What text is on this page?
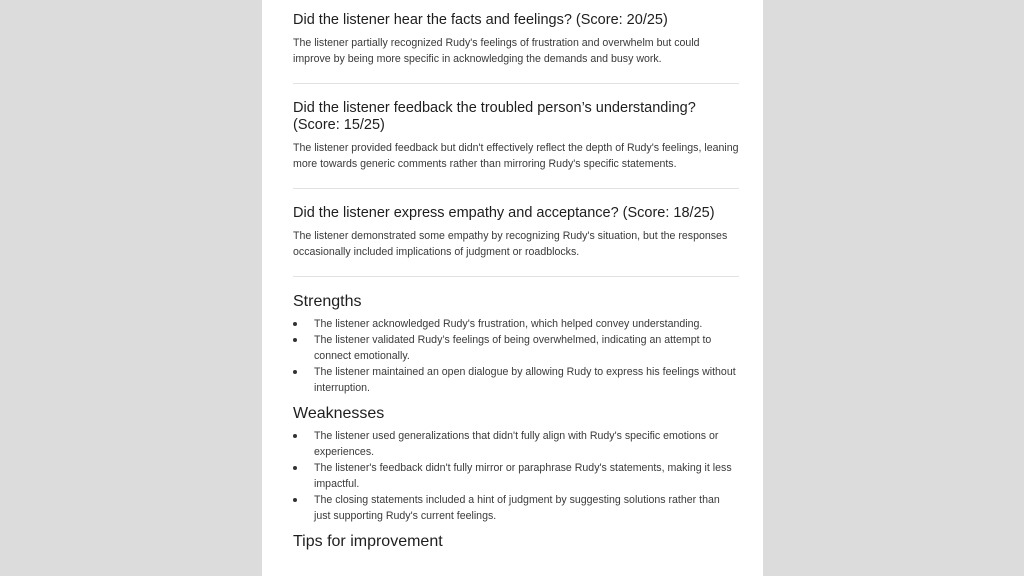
Did the listener hear the facts and feelings? (Score: 20/25)

The listener partially recognized Rudy's feelings of frustration and overwhelm but could improve by being more specific in acknowledging the demands and busy work.

Did the listener feedback the troubled person’s understanding? (Score: 15/25)

The listener provided feedback but didn't effectively reflect the depth of Rudy's feelings, leaning more towards generic comments rather than mirroring Rudy's specific statements.

Did the listener express empathy and acceptance? (Score: 18/25)

The listener demonstrated some empathy by recognizing Rudy's situation, but the responses occasionally included implications of judgment or roadblocks.

Strengths
The listener acknowledged Rudy's frustration, which helped convey understanding.
The listener validated Rudy’s feelings of being overwhelmed, indicating an attempt to connect emotionally.
The listener maintained an open dialogue by allowing Rudy to express his feelings without interruption.
Weaknesses
The listener used generalizations that didn't fully align with Rudy's specific emotions or experiences.
The listener's feedback didn't fully mirror or paraphrase Rudy's statements, making it less impactful.
The closing statements included a hint of judgment by suggesting solutions rather than just supporting Rudy's current feelings.
Tips for improvement
